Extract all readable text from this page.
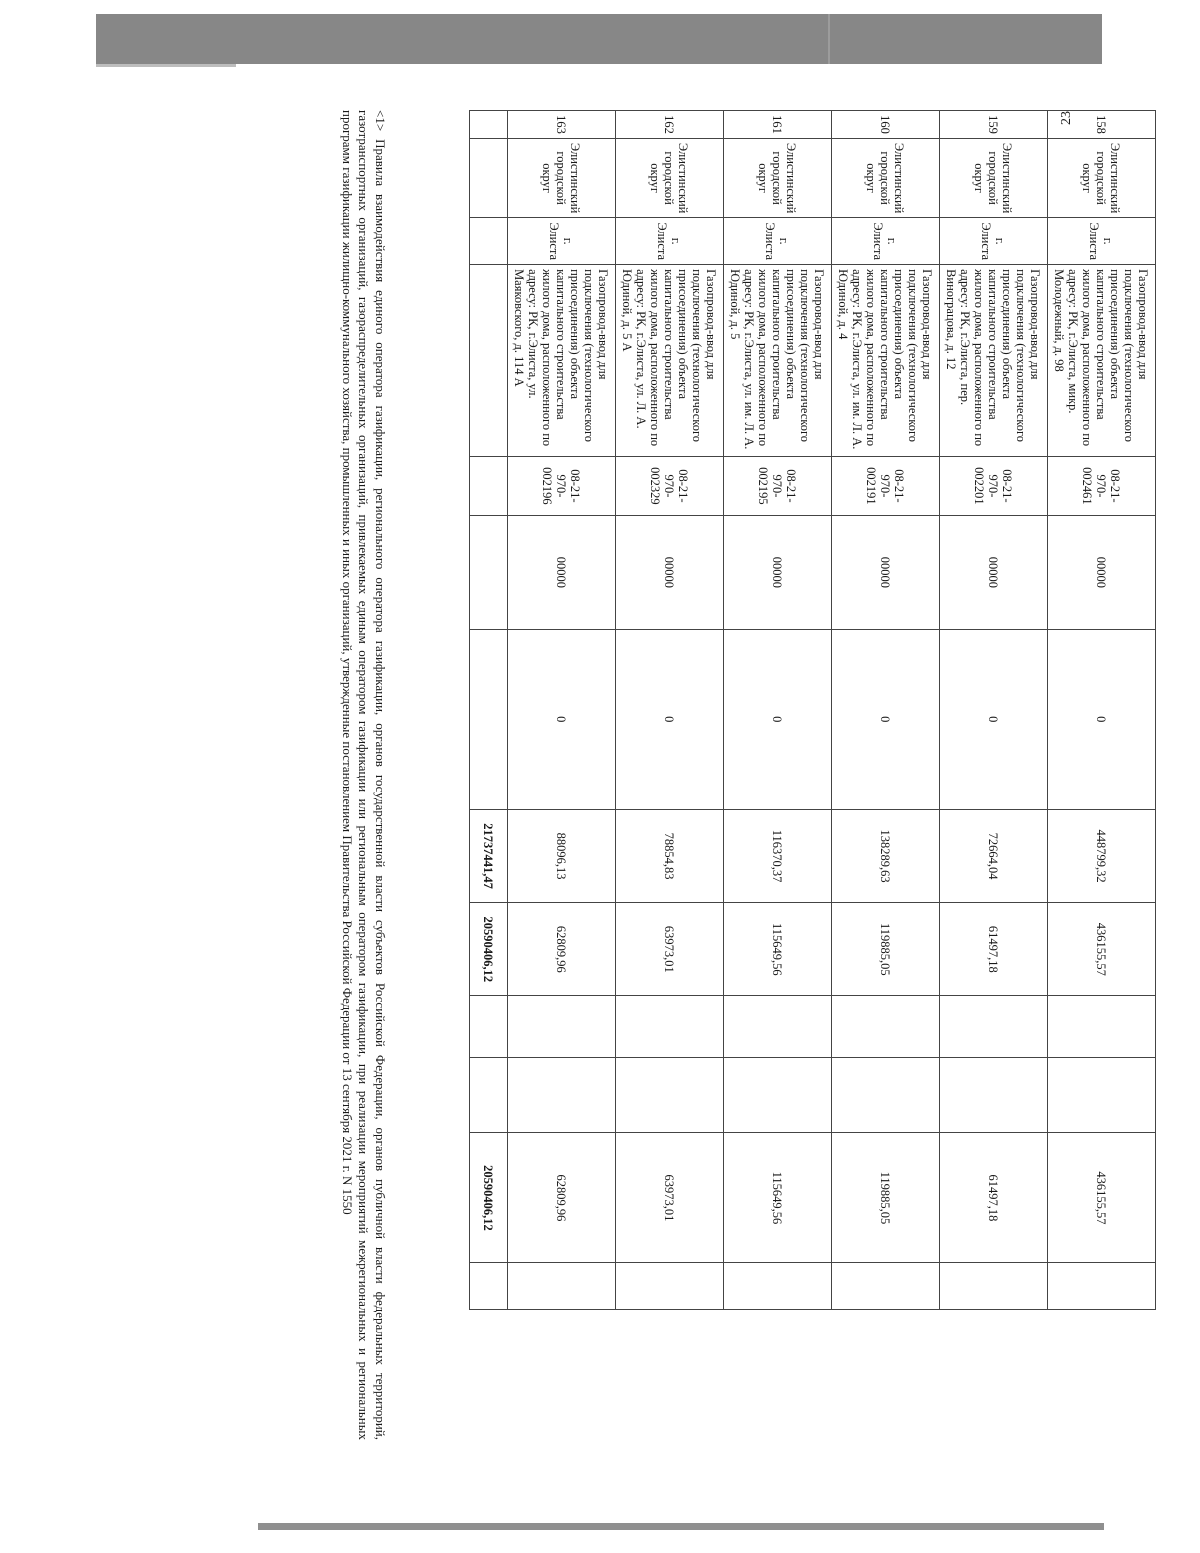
23	158	Элистинский городской округ	г. Элиста	Газопровод-ввод для подключения (технологического присоединения) объекта капитального строительства жилого дома, расположенного по адресу: РК, г.Элиста, микр. Молодежный, д. 98	08-21-970-002461	00000	0	448799,32	436155,57			436155,57	
159	Элистинский городской округ	г. Элиста	Газопровод-ввод для подключения (технологического присоединения) объекта капитального строительства жилого дома, расположенного по адресу: РК, г.Элиста, пер. Винограцова, д. 12	08-21-970-002201	00000	0	72664,04	61497,18			61497,18	
160	Элистинский городской округ	г. Элиста	Газопровод-ввод для подключения (технологического присоединения) объекта капитального строительства жилого дома, расположенного по адресу: РК, г.Элиста, ул. им. Л. А. Юдиной, д. 4	08-21-970-002191	00000	0	138289,63	119885,05			119885,05	
161	Элистинский городской округ	г. Элиста	Газопровод-ввод для подключения (технологического присоединения) объекта капитального строительства жилого дома, расположенного по адресу: РК, г.Элиста, ул. им. Л. А. Юдиной, д. 5	08-21-970-002195	00000	0	116370,37	115649,56			115649,56	
162	Элистинский городской округ	г. Элиста	Газопровод-ввод для подключения (технологического присоединения) объекта капитального строительства жилого дома, расположенного по адресу: РК, г.Элиста, ул. Л. А. Юдиной, д. 5 А	08-21-970-002329	00000	0	78854,83	63973,01			63973,01	
163	Элистинский городской округ	г. Элиста	Газопровод-ввод для подключения (технологического присоединения) объекта капитального строительства жилого дома, расположенного по адресу: РК, г.Элиста, ул. Маяковского, д. 114 А	08-21-970-002196	00000	0	88096,13	62809,96			62809,96	
							21737441,47	20590406,12			20590406,12	
<1> Правила взаимодействия единого оператора газификации, регионального оператора газификации, органов государственной власти субъектов Российской Федерации, органов публичной власти федеральных территорий, газотранспортных организаций, газораспределительных организаций, привлекаемых единым оператором газификации или региональным оператором газификации, при реализации мероприятий межрегиональных и региональных программ газификации жилищно-коммунального хозяйства, промышленных и иных организаций, утвержденные постановлением Правительства Российской Федерации от 13 сентября 2021 г. N 1550
